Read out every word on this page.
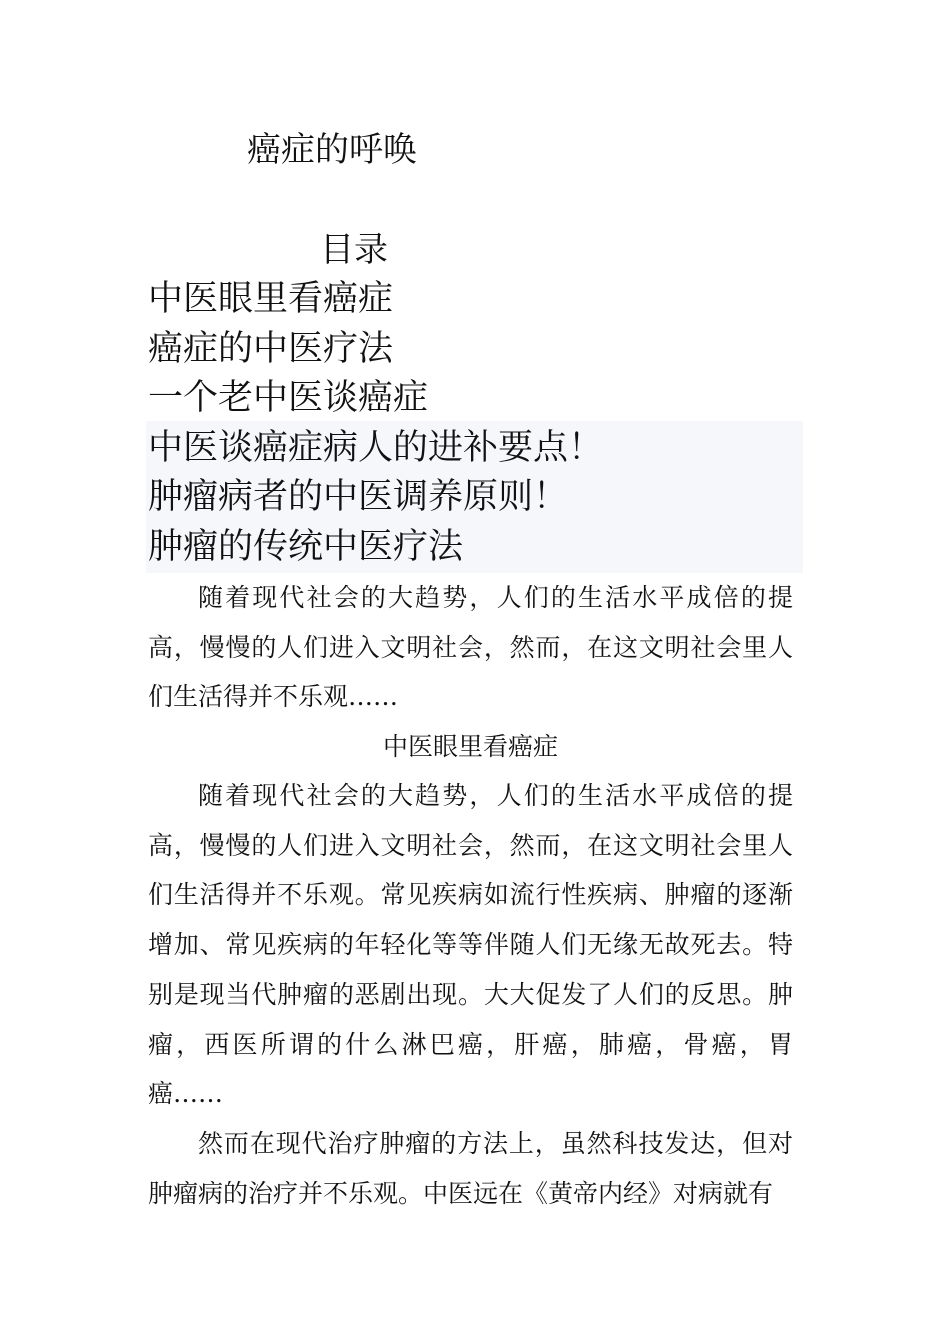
癌症的呼唤
目录
中医眼里看癌症
癌症的中医疗法
一个老中医谈癌症
中医谈癌症病人的进补要点！
肿瘤病者的中医调养原则！
肿瘤的传统中医疗法

随着现代社会的大趋势，人们的生活水平成倍的提高，慢慢的人们进入文明社会，然而，在这文明社会里人们生活得并不乐观……

中医眼里看癌症

随着现代社会的大趋势，人们的生活水平成倍的提高，慢慢的人们进入文明社会，然而，在这文明社会里人们生活得并不乐观。常见疾病如流行性疾病、肿瘤的逐渐增加、常见疾病的年轻化等等伴随人们无缘无故死去。特别是现当代肿瘤的恶剧出现。大大促发了人们的反思。肿瘤，西医所谓的什么淋巴癌，肝癌，肺癌，骨癌，胃癌……

然而在现代治疗肿瘤的方法上，虽然科技发达，但对肿瘤病的治疗并不乐观。中医远在《黄帝内经》对病就有
